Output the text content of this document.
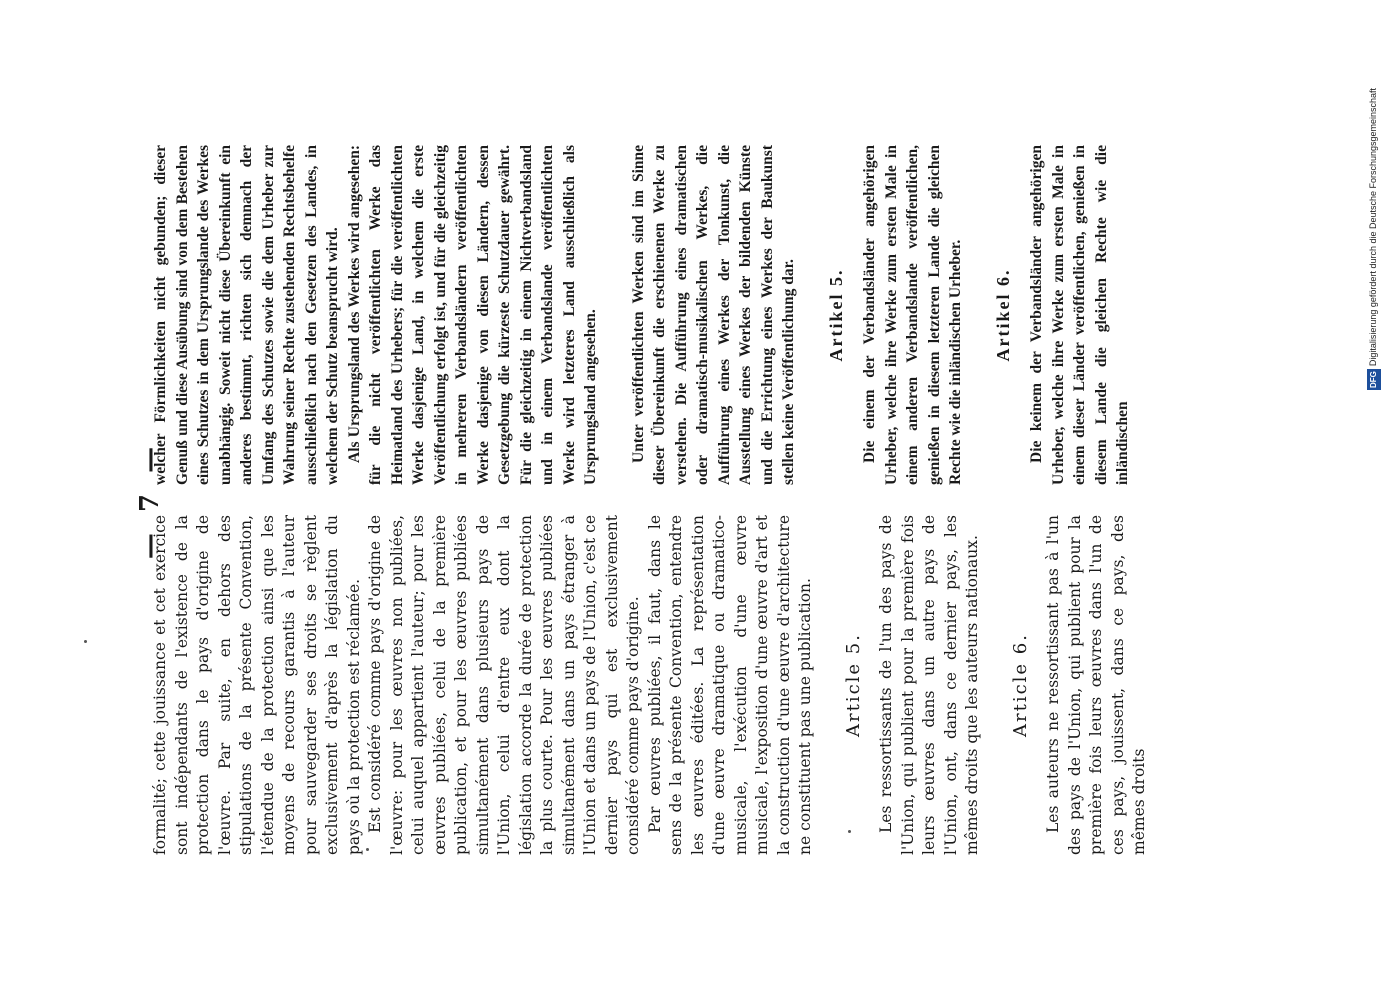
— 7 —

formalité; cette jouissance et cet exercice sont indépendants de l'existence de la protection dans le pays d'origine de l'œuvre. Par suite, en dehors des stipulations de la présente Convention, l'étendue de la protection ainsi que les moyens de recours garantis à l'auteur pour sauvegarder ses droits se règlent exclusivement d'après la législation du pays où la protection est réclamée. Est considéré comme pays d'origine de l'œuvre: pour les œuvres non publiées, celui auquel appartient l'auteur; pour les œuvres publiées, celui de la première publication, et pour les œuvres publiées simultanément dans plusieurs pays de l'Union, celui d'entre eux dont la législation accorde la durée de protection la plus courte. Pour les œuvres publiées simultanément dans un pays étranger à l'Union et dans un pays de l'Union, c'est ce dernier pays qui est exclusivement considéré comme pays d'origine. Par œuvres publiées, il faut, dans le sens de la présente Convention, entendre les œuvres éditées. La représentation d'une œuvre dramatique ou dramatico-musicale, l'exécution d'une œuvre musicale, l'exposition d'une œuvre d'art et la construction d'une œuvre d'architecture ne constituent pas une publication. Article 5. Les ressortissants de l'un des pays de l'Union, qui publient pour la première fois leurs œuvres dans un autre pays de l'Union, ont, dans ce dernier pays, les mêmes droits que les auteurs nationaux. Article 6. Les auteurs ne ressortissant pas à l'un des pays de l'Union, qui publient pour la première fois leurs œuvres dans l'un de ces pays, jouissent, dans ce pays, des mêmes droits

welcher Förmlichkeiten nicht gebunden; dieser Genuß und diese Ausübung sind von dem Bestehen eines Schutzes in dem Ursprungslande des Werkes unabhängig. Soweit nicht diese Übereinkunft ein anderes bestimmt, richten sich demnach der Umfang des Schutzes sowie die dem Urheber zur Wahrung seiner Rechte zustehenden Rechtsbehelfe ausschließlich nach den Gesetzen des Landes, in welchem der Schutz beansprucht wird. Als Ursprungsland des Werkes wird angesehen: für die nicht veröffentlichten Werke das Heimatland des Urhebers; für die veröffentlichten Werke dasjenige Land, in welchem die erste Veröffentlichung erfolgt ist, und für die gleichzeitig in mehreren Verbandsländern veröffentlichten Werke dasjenige von diesen Ländern, dessen Gesetzgebung die kürzeste Schutzdauer gewährt. Für die gleichzeitig in einem Nichtverbandsland und in einem Verbandslande veröffentlichten Werke wird letzteres Land ausschließlich als Ursprungsland angesehen. Unter veröffentlichten Werken sind im Sinne dieser Übereinkunft die erschienenen Werke zu verstehen. Die Aufführung eines dramatischen oder dramatisch-musikalischen Werkes, die Aufführung eines Werkes der Tonkunst, die Ausstellung eines Werkes der bildenden Künste und die Errichtung eines Werkes der Baukunst stellen keine Veröffentlichung dar. Artikel 5. Die einem der Verbandsländer angehörigen Urheber, welche ihre Werke zum ersten Male in einem anderen Verbandslande veröffentlichen, genießen in diesem letzteren Lande die gleichen Rechte wie die inländischen Urheber. Artikel 6. Die keinem der Verbandsländer angehörigen Urheber, welche ihre Werke zum ersten Male in einem dieser Länder veröffentlichen, genießen in diesem Lande die gleichen Rechte wie die inländischen

DFGDigitalisierung gefördert durch die Deutsche Forschungsgemeinschaft
